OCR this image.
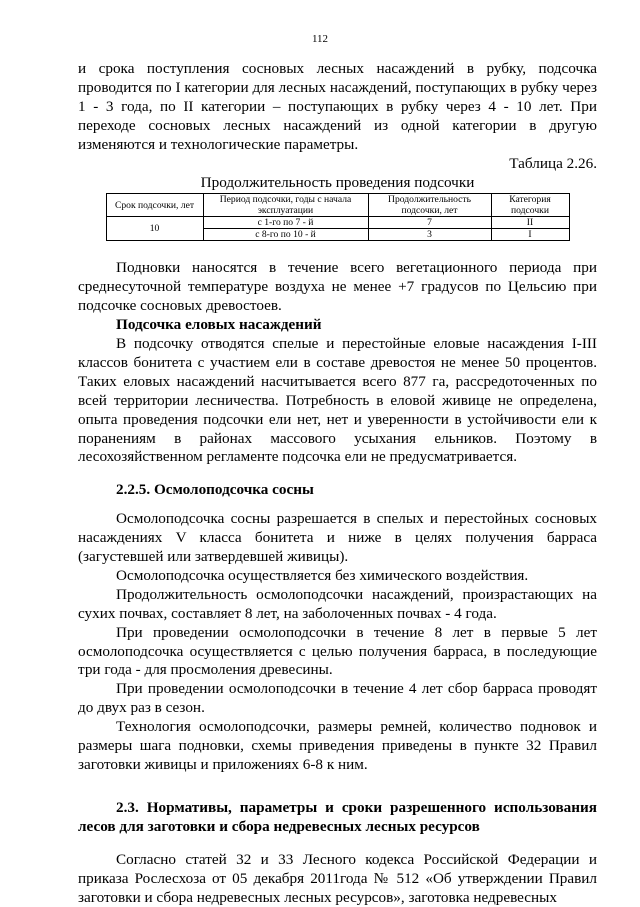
112

и срока поступления сосновых лесных насаждений в рубку, подсочка проводится по I категории для лесных насаждений, поступающих в рубку через 1 - 3 года, по II категории – поступающих в рубку через 4 - 10 лет. При переходе сосновых лесных насаждений из одной категории в другую изменяются и технологические параметры.

Таблица 2.26.

Продолжительность проведения подсочки

Срок подсочки, лет	Период подсочки, годы с начала эксплуатации	Продолжительность подсочки, лет	Категория подсочки
10	с 1-го по 7 - й	7	II
	с 8-го по 10 - й	3	I

Подновки наносятся в течение всего вегетационного периода при среднесуточной температуре воздуха не менее +7 градусов по Цельсию при подсочке сосновых древостоев.

Подсочка еловых насаждений

В подсочку отводятся спелые и перестойные еловые насаждения I-III классов бонитета с участием ели в составе древостоя не менее 50 процентов. Таких еловых насаждений насчитывается всего 877 га, рассредоточенных по всей территории лесничества. Потребность в еловой живице не определена, опыта проведения подсочки ели нет, нет и уверенности в устойчивости ели к поранениям в районах массового усыхания ельников. Поэтому в лесохозяйственном регламенте подсочка ели не предусматривается.

2.2.5. Осмолоподсочка сосны

Осмолоподсочка сосны разрешается в спелых и перестойных сосновых насаждениях V класса бонитета и ниже в целях получения барраса (загустевшей или затвердевшей живицы).

Осмолоподсочка осуществляется без химического воздействия.

Продолжительность осмолоподсочки насаждений, произрастающих на сухих почвах, составляет 8 лет, на заболоченных почвах - 4 года.

При проведении осмолоподсочки в течение 8 лет в первые 5 лет осмолоподсочка осуществляется с целью получения барраса, в последующие три года - для просмоления древесины.

При проведении осмолоподсочки в течение 4 лет сбор барраса проводят до двух раз в сезон.

Технология осмолоподсочки, размеры ремней, количество подновок и размеры шага подновки, схемы приведения приведены в пункте 32 Правил заготовки живицы и приложениях 6-8 к ним.

2.3. Нормативы, параметры и сроки разрешенного использования лесов для заготовки и сбора недревесных лесных ресурсов

Согласно статей 32 и 33 Лесного кодекса Российской Федерации и приказа Рослесхоза от 05 декабря 2011года № 512 «Об утверждении Правил заготовки и сбора недревесных лесных ресурсов», заготовка недревесных
